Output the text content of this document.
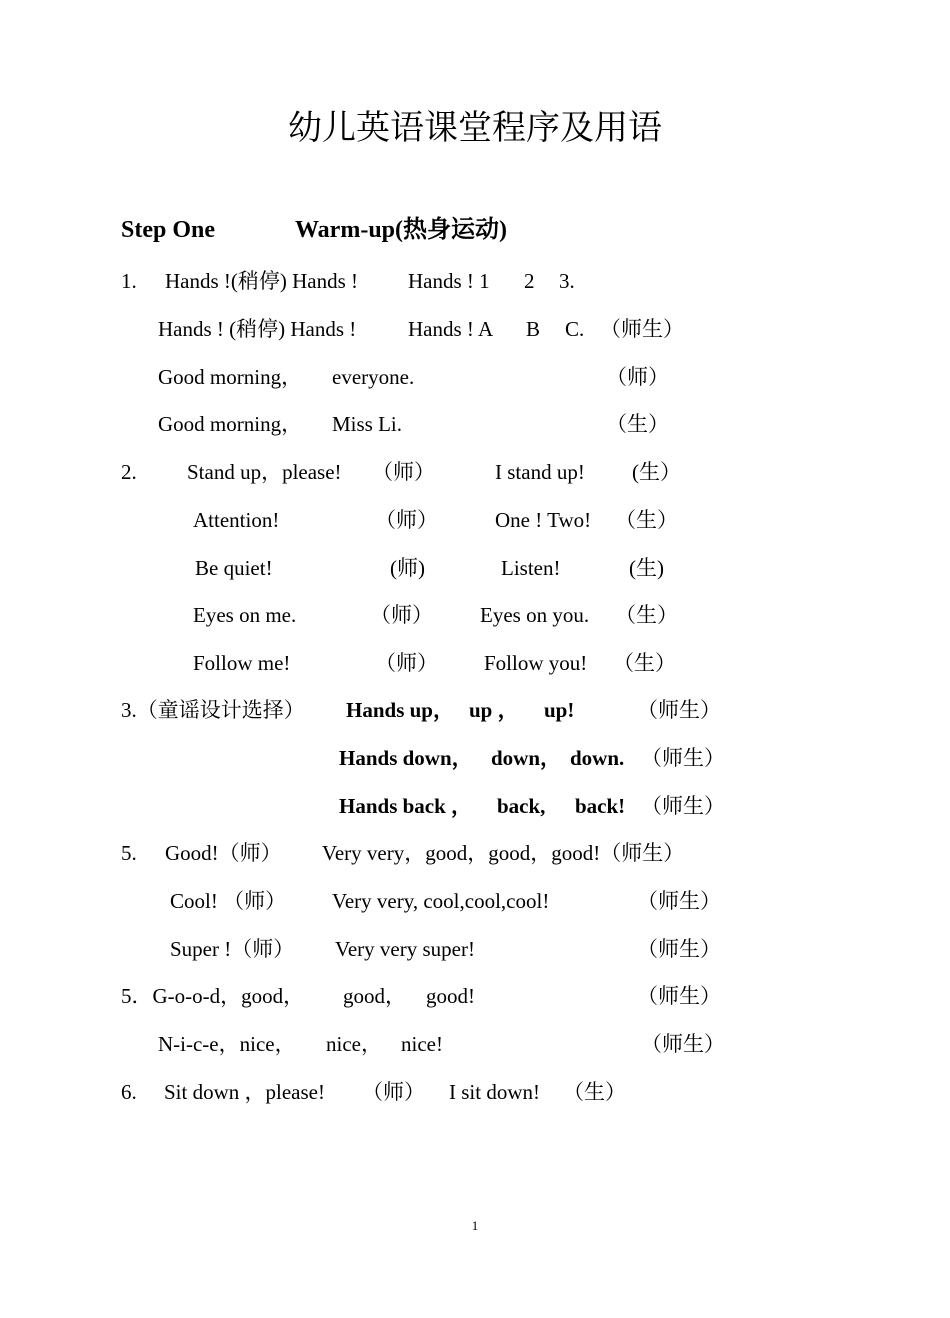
幼儿英语课堂程序及用语
Step One	Warm-up(热身运动)
1. Hands !(稍停) Hands ! Hands ! 1 2 3.
Hands ! (稍停) Hands ! Hands ! A B C. （师生）
Good morning， everyone.	（师）
Good morning， Miss Li.	（生）
2. Stand up，please! （师）	I stand up! (生）
Attention!	（师）	One ! Two! （生）
Be quiet!	(师)	Listen!	(生)
Eyes on me.	（师） Eyes on you. （生）
Follow me!	（师） Follow you! （生）
3.（童谣设计选择） Hands up， up ， up!	（师生）
Hands down， down， down. （师生）
Hands back ， back, back! （师生）
5. Good!（师） Very very，good，good，good!（师生）
Cool! （师） Very very, cool,cool,cool!	（师生）
Super !（师） Very very super!	（师生）
5．G-o-o-d，good， good， good!	（师生）
N-i-c-e，nice， nice， nice!	（师生）
6. Sit down ，please! （师） I sit down! （生）
1
